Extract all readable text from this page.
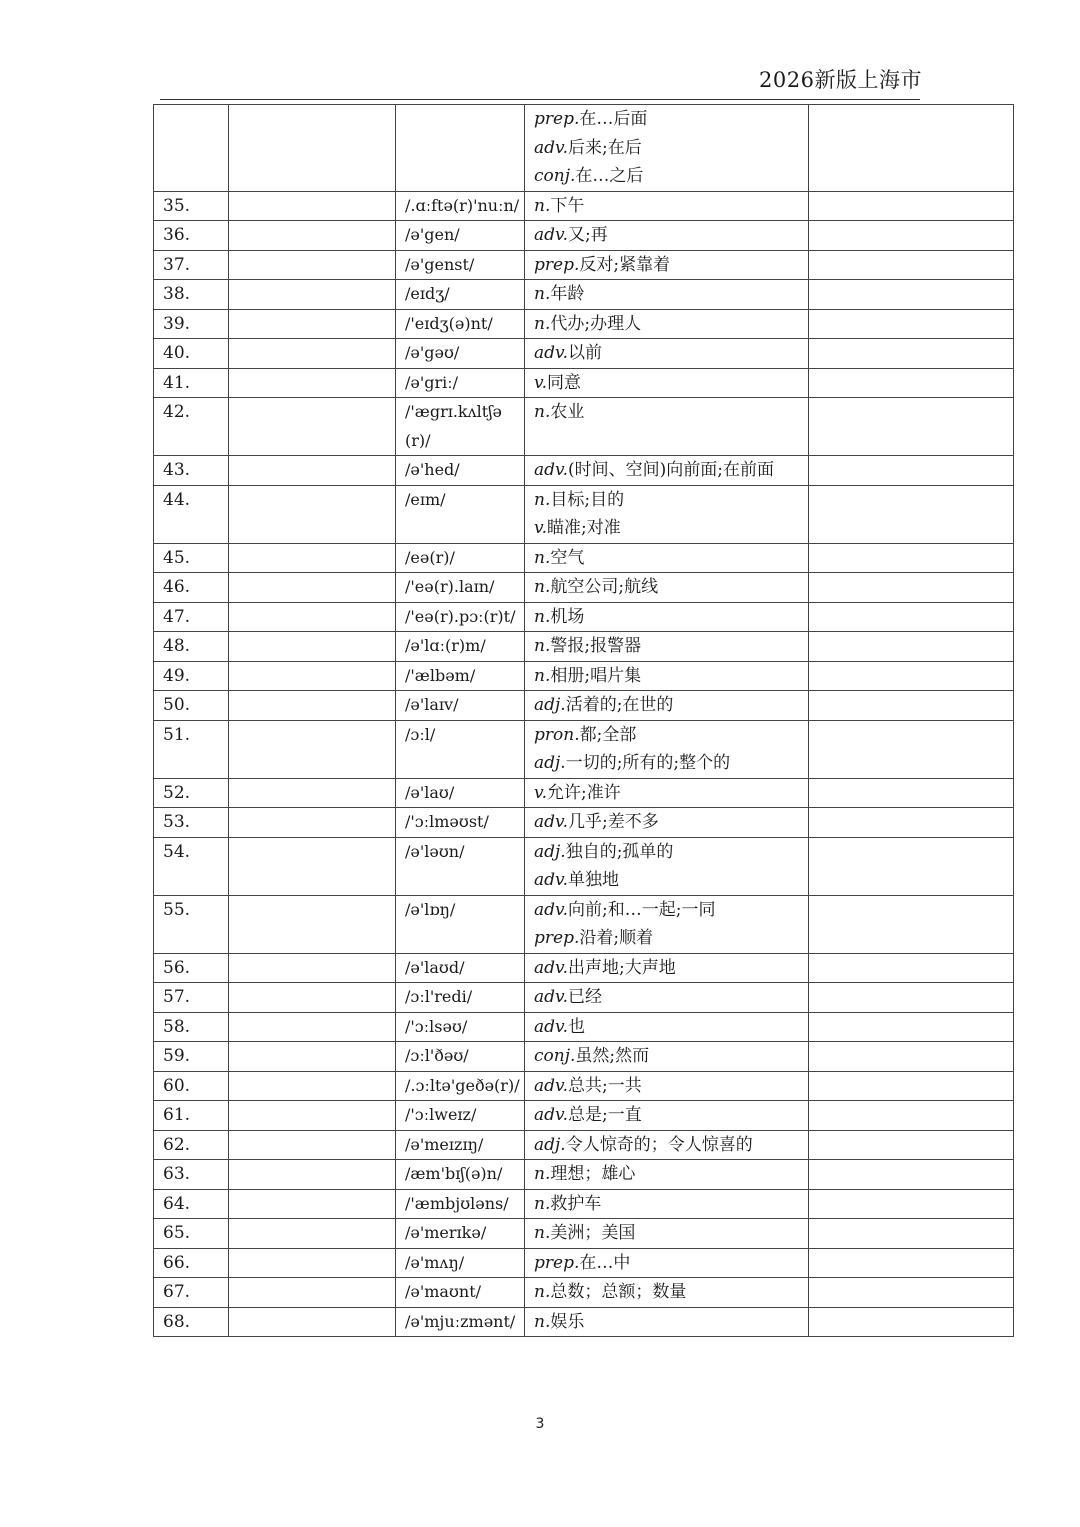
2026新版上海市

			prep.在…后面
adv.后来;在后
conj.在…之后	

35.		/.ɑːftə(r)'nuːn/	n.下午	

36.		/ə'gen/	adv.又;再	

37.		/ə'genst/	prep.反对;紧靠着	

38.		/eɪdʒ/	n.年龄	

39.		/'eɪdʒ(ə)nt/	n.代办;办理人	

40.		/ə'gəʊ/	adv.以前	

41.		/ə'griː/	v.同意	

42.		/'ægrɪ.kʌltʃə(r)/	n.农业	

43.		/ə'hed/	adv.(时间、空间)向前面;在前面	

44.		/eɪm/	n.目标;目的
v.瞄准;对准	

45.		/eə(r)/	n.空气	

46.		/'eə(r).laɪn/	n.航空公司;航线	

47.		/'eə(r).pɔː(r)t/	n.机场	

48.		/ə'lɑː(r)m/	n.警报;报警器	

49.		/'ælbəm/	n.相册;唱片集	

50.		/ə'laɪv/	adj.活着的;在世的	

51.		/ɔːl/	pron.都;全部
adj.一切的;所有的;整个的	

52.		/ə'laʊ/	v.允许;准许	

53.		/'ɔːlməʊst/	adv.几乎;差不多	

54.		/ə'ləʊn/	adj.独自的;孤单的
adv.单独地	

55.		/ə'lɒŋ/	adv.向前;和…一起;一同
prep.沿着;顺着	

56.		/ə'laʊd/	adv.出声地;大声地	

57.		/ɔːl'redi/	adv.已经	

58.		/'ɔːlsəʊ/	adv.也	

59.		/ɔːl'ðəʊ/	conj.虽然;然而	

60.		/.ɔːltə'geðə(r)/	adv.总共;一共	

61.		/'ɔːlweɪz/	adv.总是;一直	

62.		/ə'meɪzɪŋ/	adj.令人惊奇的；令人惊喜的	

63.		/æm'bɪʃ(ə)n/	n.理想；雄心	

64.		/'æmbjʊləns/	n.救护车	

65.		/ə'merɪkə/	n.美洲；美国	

66.		/ə'mʌŋ/	prep.在…中	

67.		/ə'maʊnt/	n.总数；总额；数量	

68.		/ə'mjuːzmənt/	n.娱乐	

3
